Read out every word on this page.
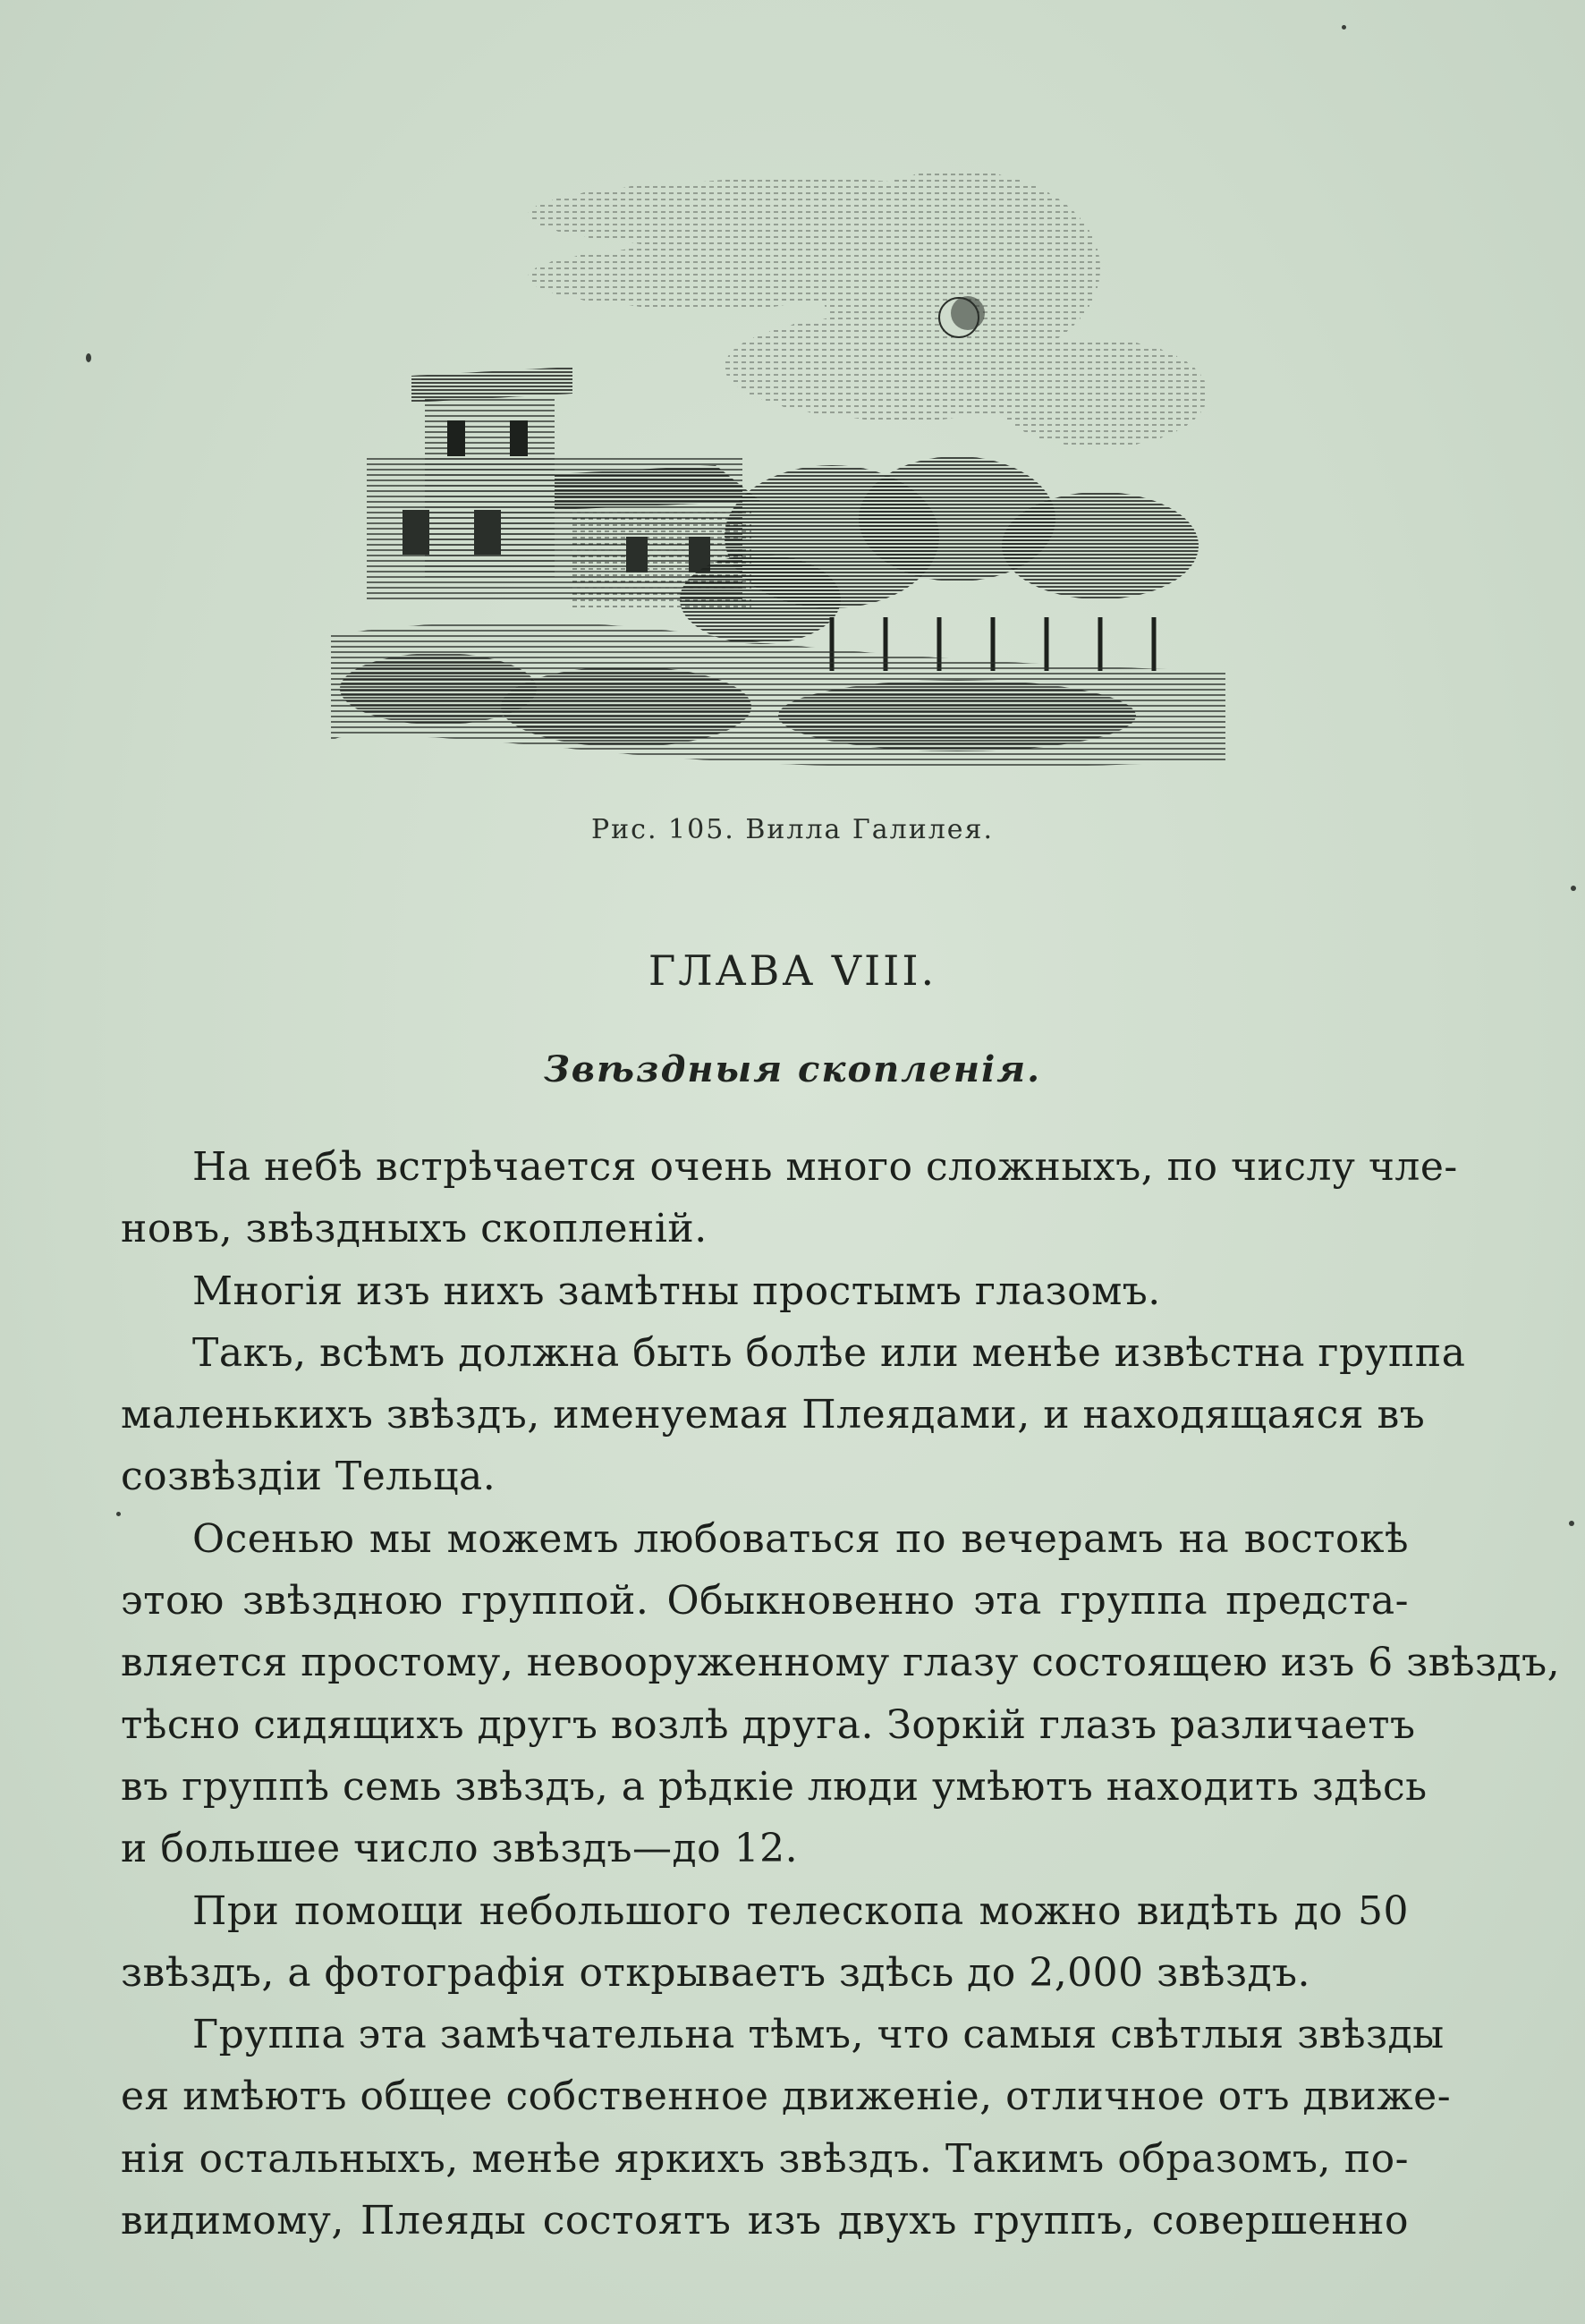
Рис. 105. Вилла Галилея.
ГЛАВА VIII.
Звѣздныя скопленія.
На небѣ встрѣчается очень много сложныхъ, по числу чле-
новъ, звѣздныхъ скопленій.
Многія изъ нихъ замѣтны простымъ глазомъ.
Такъ, всѣмъ должна быть болѣе или менѣе извѣстна группа
маленькихъ звѣздъ, именуемая Плеядами, и находящаяся въ
созвѣздіи Тельца.
Осенью мы можемъ любоваться по вечерамъ на востокѣ
этою звѣздною группой. Обыкновенно эта группа предста-
вляется простому, невооруженному глазу состоящею изъ 6 звѣздъ,
тѣсно сидящихъ другъ возлѣ друга. Зоркій глазъ различаетъ
въ группѣ семь звѣздъ, а рѣдкіе люди умѣютъ находить здѣсь
и большее число звѣздъ—до 12.
При помощи небольшого телескопа можно видѣть до 50
звѣздъ, а фотографія открываетъ здѣсь до 2,000 звѣздъ.
Группа эта замѣчательна тѣмъ, что самыя свѣтлыя звѣзды
ея имѣютъ общее собственное движеніе, отличное отъ движе-
нія остальныхъ, менѣе яркихъ звѣздъ. Такимъ образомъ, по-
видимому, Плеяды состоятъ изъ двухъ группъ, совершенно
